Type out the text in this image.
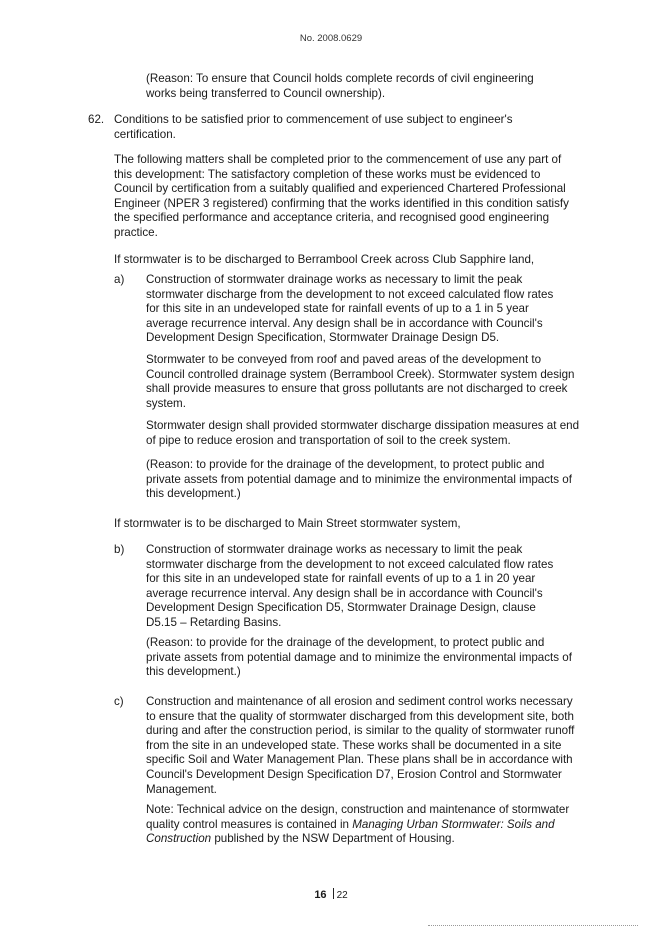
No. 2008.0629

(Reason: To ensure that Council holds complete records of civil engineering works being transferred to Council ownership).

62. Conditions to be satisfied prior to commencement of use subject to engineer's certification.

The following matters shall be completed prior to the commencement of use any part of this development: The satisfactory completion of these works must be evidenced to Council by certification from a suitably qualified and experienced Chartered Professional Engineer (NPER 3 registered) confirming that the works identified in this condition satisfy the specified performance and acceptance criteria, and recognised good engineering practice.

If stormwater is to be discharged to Berrambool Creek across Club Sapphire land,

a) Construction of stormwater drainage works as necessary to limit the peak stormwater discharge from the development to not exceed calculated flow rates for this site in an undeveloped state for rainfall events of up to a 1 in 5 year average recurrence interval. Any design shall be in accordance with Council's Development Design Specification, Stormwater Drainage Design D5.

Stormwater to be conveyed from roof and paved areas of the development to Council controlled drainage system (Berrambool Creek). Stormwater system design shall provide measures to ensure that gross pollutants are not discharged to creek system.

Stormwater design shall provided stormwater discharge dissipation measures at end of pipe to reduce erosion and transportation of soil to the creek system.

(Reason: to provide for the drainage of the development, to protect public and private assets from potential damage and to minimize the environmental impacts of this development.)

If stormwater is to be discharged to Main Street stormwater system,

b) Construction of stormwater drainage works as necessary to limit the peak stormwater discharge from the development to not exceed calculated flow rates for this site in an undeveloped state for rainfall events of up to a 1 in 20 year average recurrence interval. Any design shall be in accordance with Council's Development Design Specification D5, Stormwater Drainage Design, clause D5.15 – Retarding Basins.

(Reason: to provide for the drainage of the development, to protect public and private assets from potential damage and to minimize the environmental impacts of this development.)

c) Construction and maintenance of all erosion and sediment control works necessary to ensure that the quality of stormwater discharged from this development site, both during and after the construction period, is similar to the quality of stormwater runoff from the site in an undeveloped state. These works shall be documented in a site specific Soil and Water Management Plan. These plans shall be in accordance with Council's Development Design Specification D7, Erosion Control and Stormwater Management.

Note: Technical advice on the design, construction and maintenance of stormwater quality control measures is contained in Managing Urban Stormwater: Soils and Construction published by the NSW Department of Housing.

16 22
